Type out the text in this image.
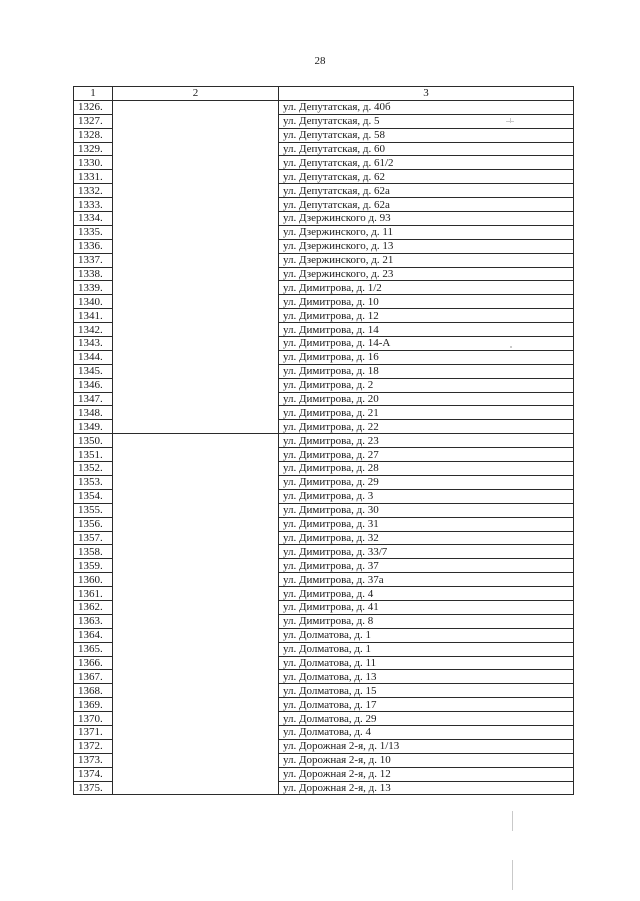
28
1	2	3
1326.		ул. Депутатская, д. 40б
1327.		ул. Депутатская, д. 5
1328.		ул. Депутатская, д. 58
1329.		ул. Депутатская, д. 60
1330.		ул. Депутатская, д. 61/2
1331.		ул. Депутатская, д. 62
1332.		ул. Депутатская, д. 62а
1333.		ул. Депутатская, д. 62а
1334.		ул. Дзержинского д. 93
1335.		ул. Дзержинского, д. 11
1336.		ул. Дзержинского, д. 13
1337.		ул. Дзержинского, д. 21
1338.		ул. Дзержинского, д. 23
1339.		ул. Димитрова, д. 1/2
1340.		ул. Димитрова, д. 10
1341.		ул. Димитрова, д. 12
1342.		ул. Димитрова, д. 14
1343.		ул. Димитрова, д. 14-А
1344.		ул. Димитрова, д. 16
1345.		ул. Димитрова, д. 18
1346.		ул. Димитрова, д. 2
1347.		ул. Димитрова, д. 20
1348.		ул. Димитрова, д. 21
1349.		ул. Димитрова, д. 22
1350.		ул. Димитрова, д. 23
1351.		ул. Димитрова, д. 27
1352.		ул. Димитрова, д. 28
1353.		ул. Димитрова, д. 29
1354.		ул. Димитрова, д. 3
1355.		ул. Димитрова, д. 30
1356.		ул. Димитрова, д. 31
1357.		ул. Димитрова, д. 32
1358.		ул. Димитрова, д. 33/7
1359.		ул. Димитрова, д. 37
1360.		ул. Димитрова, д. 37а
1361.		ул. Димитрова, д. 4
1362.		ул. Димитрова, д. 41
1363.		ул. Димитрова, д. 8
1364.		ул. Долматова, д. 1
1365.		ул. Долматова, д. 1
1366.		ул. Долматова, д. 11
1367.		ул. Долматова, д. 13
1368.		ул. Долматова, д. 15
1369.		ул. Долматова, д. 17
1370.		ул. Долматова, д. 29
1371.		ул. Долматова, д. 4
1372.		ул. Дорожная 2-я, д. 1/13
1373.		ул. Дорожная 2-я, д. 10
1374.		ул. Дорожная 2-я, д. 12
1375.		ул. Дорожная 2-я, д. 13
